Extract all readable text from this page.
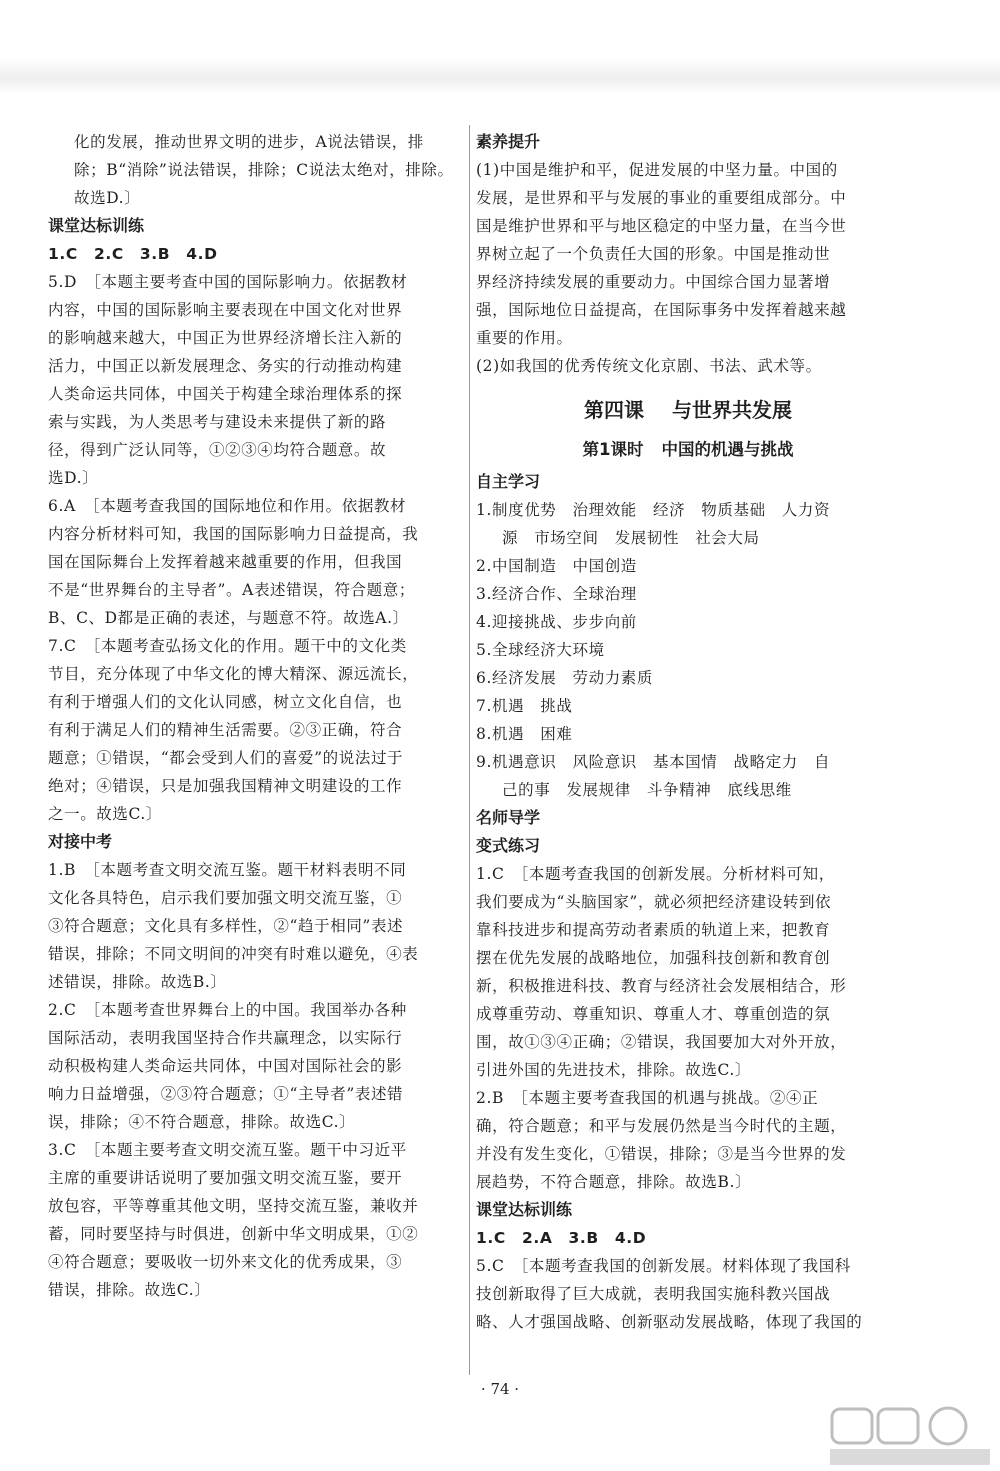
化的发展，推动世界文明的进步，A说法错误，排

除；B“消除”说法错误，排除；C说法太绝对，排除。

故选D.〕

课堂达标训练

1.C　2.C　3.B　4.D

5.D　［本题主要考查中国的国际影响力。依据教材

内容，中国的国际影响主要表现在中国文化对世界

的影响越来越大，中国正为世界经济增长注入新的

活力，中国正以新发展理念、务实的行动推动构建

人类命运共同体，中国关于构建全球治理体系的探

索与实践，为人类思考与建设未来提供了新的路

径，得到广泛认同等，①②③④均符合题意。故

选D.〕

6.A　［本题考查我国的国际地位和作用。依据教材

内容分析材料可知，我国的国际影响力日益提高，我

国在国际舞台上发挥着越来越重要的作用，但我国

不是“世界舞台的主导者”。A表述错误，符合题意；

B、C、D都是正确的表述，与题意不符。故选A.〕

7.C　［本题考查弘扬文化的作用。题干中的文化类

节目，充分体现了中华文化的博大精深、源远流长，

有利于增强人们的文化认同感，树立文化自信，也

有利于满足人们的精神生活需要。②③正确，符合

题意；①错误，“都会受到人们的喜爱”的说法过于

绝对；④错误，只是加强我国精神文明建设的工作

之一。故选C.〕

对接中考

1.B　［本题考查文明交流互鉴。题干材料表明不同

文化各具特色，启示我们要加强文明交流互鉴，①

③符合题意；文化具有多样性，②“趋于相同”表述

错误，排除；不同文明间的冲突有时难以避免，④表

述错误，排除。故选B.〕

2.C　［本题考查世界舞台上的中国。我国举办各种

国际活动，表明我国坚持合作共赢理念，以实际行

动积极构建人类命运共同体，中国对国际社会的影

响力日益增强，②③符合题意；①“主导者”表述错

误，排除；④不符合题意，排除。故选C.〕

3.C　［本题主要考查文明交流互鉴。题干中习近平

主席的重要讲话说明了要加强文明交流互鉴，要开

放包容，平等尊重其他文明，坚持交流互鉴，兼收并

蓄，同时要坚持与时俱进，创新中华文明成果，①②

④符合题意；要吸收一切外来文化的优秀成果，③

错误，排除。故选C.〕

素养提升

(1)中国是维护和平，促进发展的中坚力量。中国的

发展，是世界和平与发展的事业的重要组成部分。中

国是维护世界和平与地区稳定的中坚力量，在当今世

界树立起了一个负责任大国的形象。中国是推动世

界经济持续发展的重要动力。中国综合国力显著增

强，国际地位日益提高，在国际事务中发挥着越来越

重要的作用。

(2)如我国的优秀传统文化京剧、书法、武术等。

第四课 与世界共发展
第1课时 中国的机遇与挑战
自主学习

1.制度优势　治理效能　经济　物质基础　人力资

源　市场空间　发展韧性　社会大局

2.中国制造　中国创造

3.经济合作、全球治理

4.迎接挑战、步步向前

5.全球经济大环境

6.经济发展　劳动力素质

7.机遇　挑战

8.机遇　困难

9.机遇意识　风险意识　基本国情　战略定力　自

己的事　发展规律　斗争精神　底线思维

名师导学
变式练习

1.C　［本题考查我国的创新发展。分析材料可知，

我们要成为“头脑国家”，就必须把经济建设转到依

靠科技进步和提高劳动者素质的轨道上来，把教育

摆在优先发展的战略地位，加强科技创新和教育创

新，积极推进科技、教育与经济社会发展相结合，形

成尊重劳动、尊重知识、尊重人才、尊重创造的氛

围，故①③④正确；②错误，我国要加大对外开放，

引进外国的先进技术，排除。故选C.〕

2.B　［本题主要考查我国的机遇与挑战。②④正

确，符合题意；和平与发展仍然是当今时代的主题，

并没有发生变化，①错误，排除；③是当今世界的发

展趋势，不符合题意，排除。故选B.〕

课堂达标训练

1.C　2.A　3.B　4.D

5.C　［本题考查我国的创新发展。材料体现了我国科

技创新取得了巨大成就，表明我国实施科教兴国战

略、人才强国战略、创新驱动发展战略，体现了我国的

· 74 ·
